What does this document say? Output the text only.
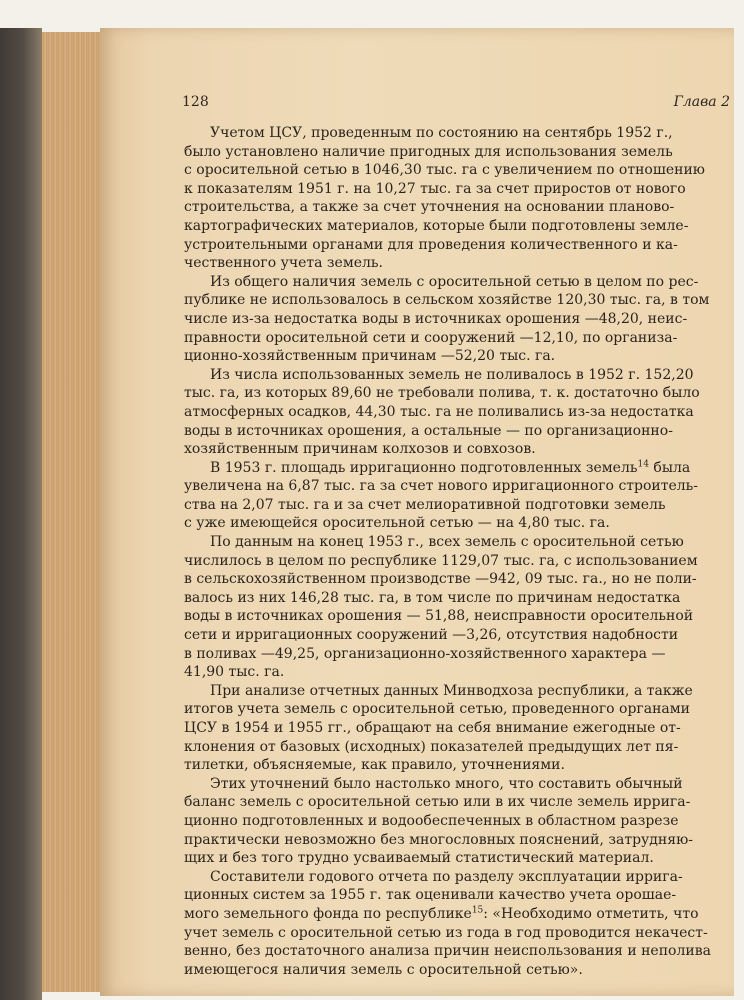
128	Глава 2
Учетом ЦСУ, проведенным по состоянию на сентябрь 1952 г.,
было установлено наличие пригодных для использования земель
с оросительной сетью в 1046,30 тыс. га с увеличением по отношению
к показателям 1951 г. на 10,27 тыс. га за счет приростов от нового
строительства, а также за счет уточнения на основании планово-
картографических материалов, которые были подготовлены земле-
устроительными органами для проведения количественного и ка-
чественного учета земель.
Из общего наличия земель с оросительной сетью в целом по рес-
публике не использовалось в сельском хозяйстве 120,30 тыс. га, в том
числе из-за недостатка воды в источниках орошения —48,20, неис-
правности оросительной сети и сооружений —12,10, по организа-
ционно-хозяйственным причинам —52,20 тыс. га.
Из числа использованных земель не поливалось в 1952 г. 152,20
тыс. га, из которых 89,60 не требовали полива, т. к. достаточно было
атмосферных осадков, 44,30 тыс. га не поливались из-за недостатка
воды в источниках орошения, а остальные — по организационно-
хозяйственным причинам колхозов и совхозов.
В 1953 г. площадь ирригационно подготовленных земель$^{14}$ была
увеличена на 6,87 тыс. га за счет нового ирригационного строитель-
ства на 2,07 тыс. га и за счет мелиоративной подготовки земель
с уже имеющейся оросительной сетью — на 4,80 тыс. га.
По данным на конец 1953 г., всех земель с оросительной сетью
числилось в целом по республике 1129,07 тыс. га, с использованием
в сельскохозяйственном производстве —942, 09 тыс. га., но не поли-
валось из них 146,28 тыс. га, в том числе по причинам недостатка
воды в источниках орошения — 51,88, неисправности оросительной
сети и ирригационных сооружений —3,26, отсутствия надобности
в поливах —49,25, организационно-хозяйственного характера —
41,90 тыс. га.
При анализе отчетных данных Минводхоза республики, а также
итогов учета земель с оросительной сетью, проведенного органами
ЦСУ в 1954 и 1955 гг., обращают на себя внимание ежегодные от-
клонения от базовых (исходных) показателей предыдущих лет пя-
тилетки, объясняемые, как правило, уточнениями.
Этих уточнений было настолько много, что составить обычный
баланс земель с оросительной сетью или в их числе земель ирригa-
ционно подготовленных и водообеспеченных в областном разрезе
практически невозможно без многословных пояснений, затрудняю-
щих и без того трудно усваиваемый статистический материал.
Составители годового отчета по разделу эксплуатации ирригa-
ционных систем за 1955 г. так оценивали качество учета орошае-
мого земельного фонда по республике$^{15}$: «Необходимо отметить, что
учет земель с оросительной сетью из года в год проводится некачест-
венно, без достаточного анализа причин неиспользования и неполива
имеющегося наличия земель с оросительной сетью».
